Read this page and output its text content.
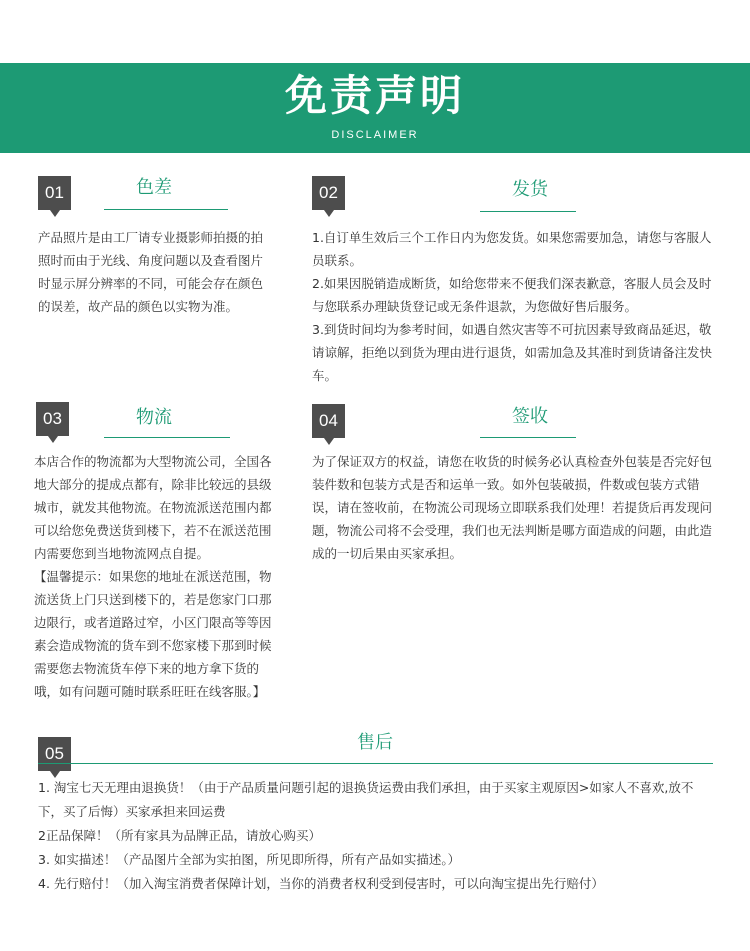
免责声明
DISCLAIMER
01	色差
产品照片是由工厂请专业摄影师拍摄的拍照时而由于光线、角度问题以及查看图片时显示屏分辨率的不同，可能会存在颜色的误差，故产品的颜色以实物为准。
02	发货
1.自订单生效后三个工作日内为您发货。如果您需要加急，请您与客服人员联系。
2.如果因脱销造成断货，如给您带来不便我们深表歉意，客服人员会及时与您联系办理缺货登记或无条件退款，为您做好售后服务。
3.到货时间均为参考时间，如遇自然灾害等不可抗因素导致商品延迟，敬请谅解，拒绝以到货为理由进行退货，如需加急及其准时到货请备注发快车。
03	物流
本店合作的物流都为大型物流公司，全国各地大部分的提成点都有，除非比较远的县级城市，就发其他物流。在物流派送范围内都可以给您免费送货到楼下，若不在派送范围内需要您到当地物流网点自提。
【温馨提示：如果您的地址在派送范围，物流送货上门只送到楼下的，若是您家门口那边限行，或者道路过窄，小区门限高等等因素会造成物流的货车到不您家楼下那到时候需要您去物流货车停下来的地方拿下货的哦，如有问题可随时联系旺旺在线客服。】
04	签收
为了保证双方的权益，请您在收货的时候务必认真检查外包装是否完好包装件数和包装方式是否和运单一致。如外包装破损，件数或包装方式错误，请在签收前，在物流公司现场立即联系我们处理！若提货后再发现问题，物流公司将不会受理，我们也无法判断是哪方面造成的问题，由此造成的一切后果由买家承担。
05
售后
1. 淘宝七天无理由退换货！（由于产品质量问题引起的退换货运费由我们承担，由于买家主观原因>如家人不喜欢,放不下，买了后悔）买家承担来回运费
2正品保障！（所有家具为品牌正品，请放心购买）
3. 如实描述！（产品图片全部为实拍图，所见即所得，所有产品如实描述。）
4. 先行赔付！（加入淘宝消费者保障计划，当你的消费者权利受到侵害时，可以向淘宝提出先行赔付）
